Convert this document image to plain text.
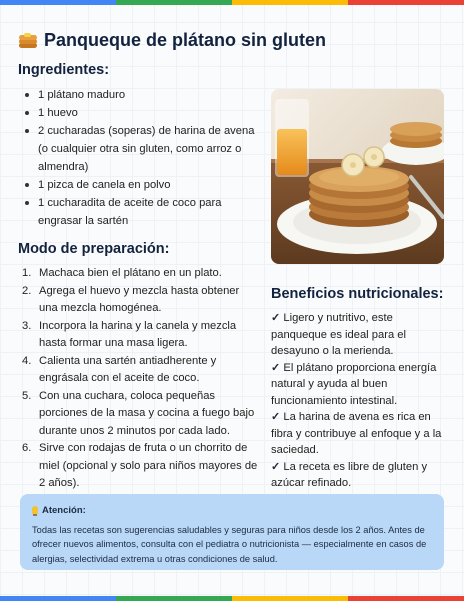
Panqueque de plátano sin gluten
Ingredientes:
1 plátano maduro
1 huevo
2 cucharadas (soperas) de harina de avena (o cualquier otra sin gluten, como arroz o almendra)
1 pizca de canela en polvo
1 cucharadita de aceite de coco para engrasar la sartén
Modo de preparación:
1. Machaca bien el plátano en un plato.
2. Agrega el huevo y mezcla hasta obtener una mezcla homogénea.
3. Incorpora la harina y la canela y mezcla hasta formar una masa ligera.
4. Calienta una sartén antiadherente y engrásala con el aceite de coco.
5. Con una cuchara, coloca pequeñas porciones de la masa y cocina a fuego bajo durante unos 2 minutos por cada lado.
6. Sirve con rodajas de fruta o un chorrito de miel (opcional y solo para niños mayores de 2 años).
Beneficios nutricionales:
✓ Ligero y nutritivo, este panqueque es ideal para el desayuno o la merienda.
✓ El plátano proporciona energía natural y ayuda al buen funcionamiento intestinal.
✓ La harina de avena es rica en fibra y contribuye al enfoque y a la saciedad.
✓ La receta es libre de gluten y azúcar refinado.

Atención:

Todas las recetas son sugerencias saludables y seguras para niños desde los 2 años. Antes de ofrecer nuevos alimentos, consulta con el pediatra o nutricionista — especialmente en casos de alergias, selectividad extrema u otras condiciones de salud.
